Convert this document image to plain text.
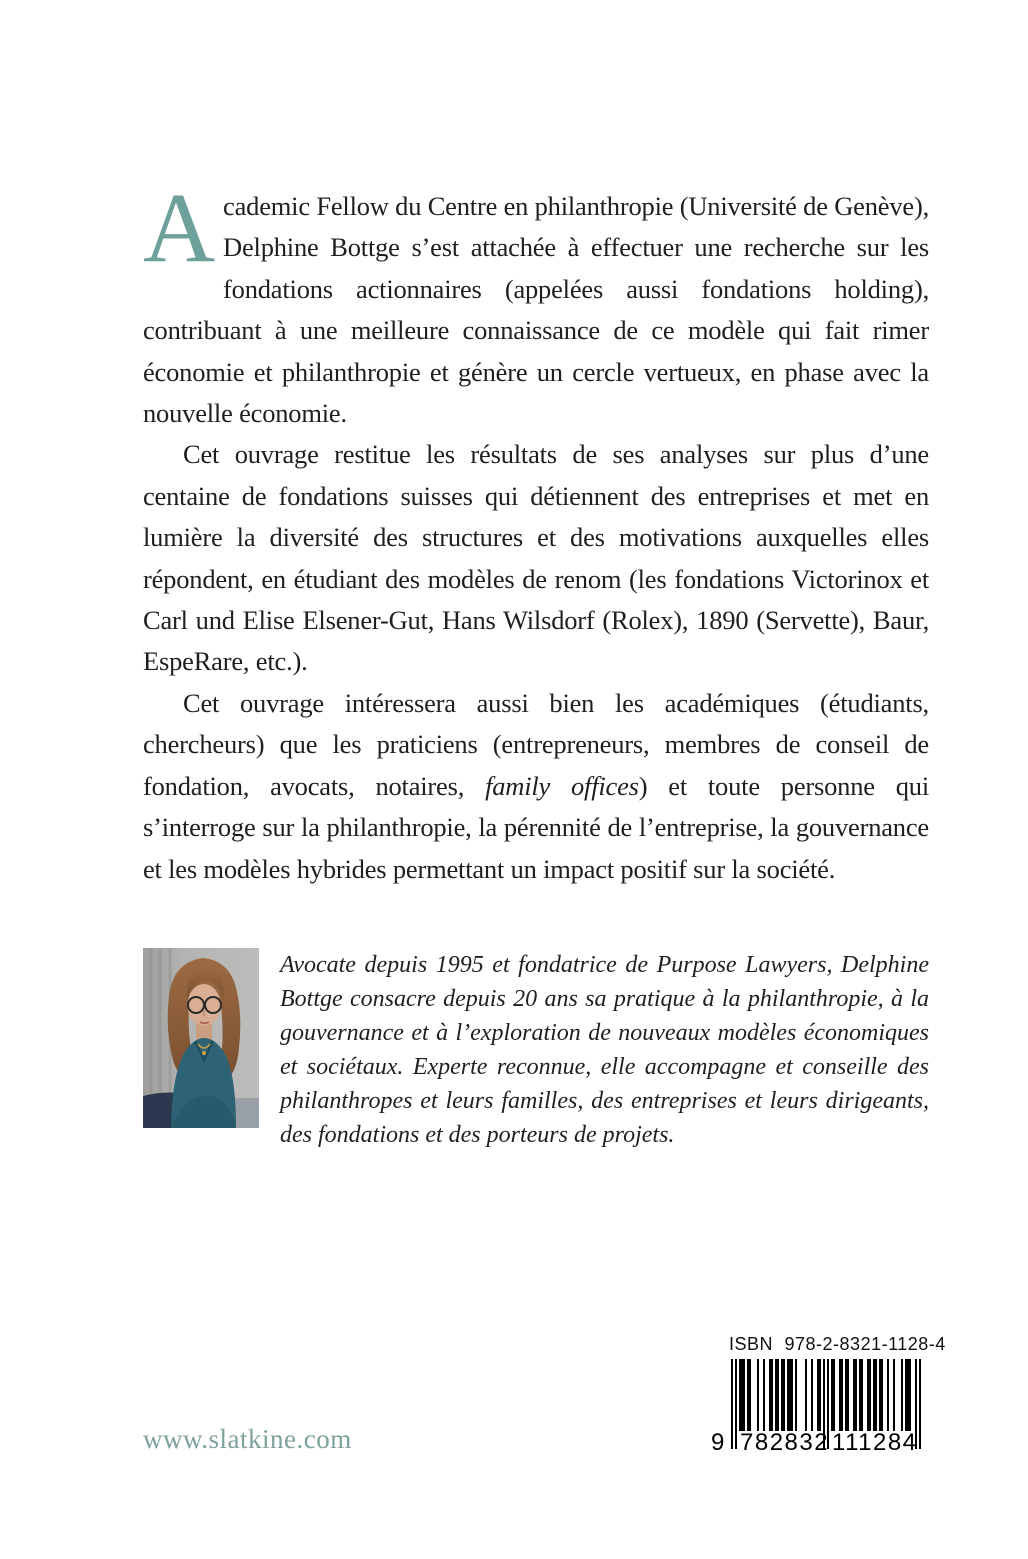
Academic Fellow du Centre en philanthropie (Université de Genève), Delphine Bottge s’est attachée à effectuer une recherche sur les fondations actionnaires (appelées aussi fondations holding), contribuant à une meilleure connaissance de ce modèle qui fait rimer économie et philanthropie et génère un cercle vertueux, en phase avec la nouvelle économie.

Cet ouvrage restitue les résultats de ses analyses sur plus d’une centaine de fondations suisses qui détiennent des entreprises et met en lumière la diversité des structures et des motivations auxquelles elles répondent, en étudiant des modèles de renom (les fondations Victorinox et Carl und Elise Elsener-Gut, Hans Wilsdorf (Rolex), 1890 (Servette), Baur, EspeRare, etc.).

Cet ouvrage intéressera aussi bien les académiques (étudiants, chercheurs) que les praticiens (entrepreneurs, membres de conseil de fondation, avocats, notaires, family offices) et toute personne qui s’interroge sur la philanthropie, la pérennité de l’entreprise, la gouvernance et les modèles hybrides permettant un impact positif sur la société.

Avocate depuis 1995 et fondatrice de Purpose Lawyers, Delphine Bottge consacre depuis 20 ans sa pratique à la philanthropie, à la gouvernance et à l’exploration de nouveaux modèles économiques et sociétaux. Experte reconnue, elle accompagne et conseille des philanthropes et leurs familles, des entreprises et leurs dirigeants, des fondations et des porteurs de projets.

www.slatkine.com
ISBN 978-2-8321-1128-4
9 782832 111284
